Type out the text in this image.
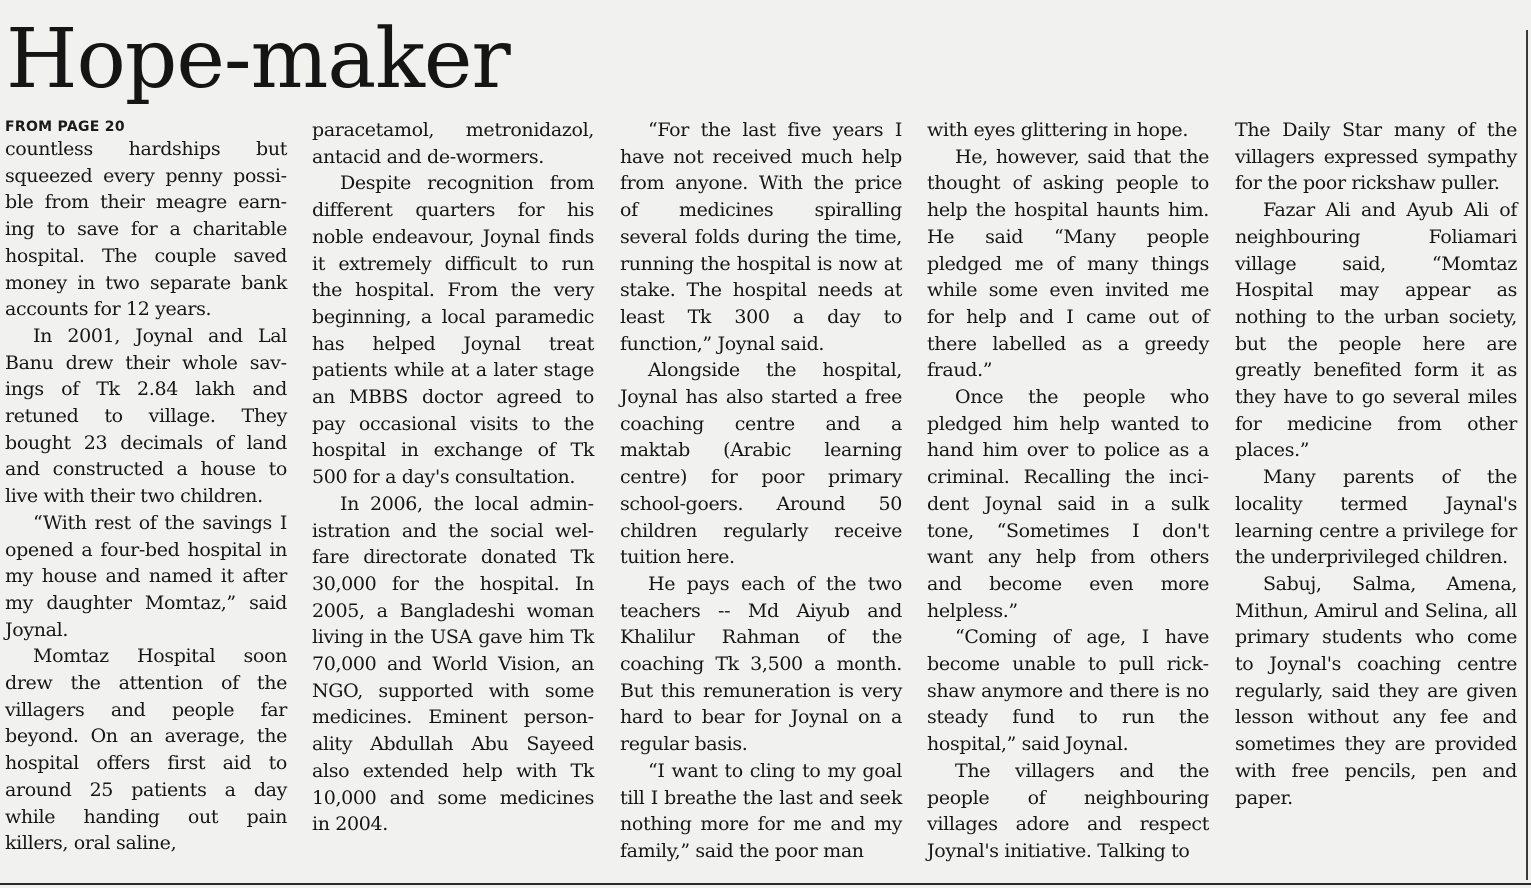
Hope-maker
FROM PAGE 20

countless hardships but squeezed every penny possible from their meagre earning to save for a charitable hospital. The couple saved money in two separate bank accounts for 12 years.

In 2001, Joynal and Lal Banu drew their whole savings of Tk 2.84 lakh and retuned to village. They bought 23 decimals of land and constructed a house to live with their two children.

“With rest of the savings I opened a four-bed hospital in my house and named it after my daughter Momtaz,” said Joynal.

Momtaz Hospital soon drew the attention of the villagers and people far beyond. On an average, the hospital offers first aid to around 25 patients a day while handing out pain killers, oral saline,

paracetamol, metronidazol, antacid and de-wormers.

Despite recognition from different quarters for his noble endeavour, Joynal finds it extremely difficult to run the hospital. From the very beginning, a local paramedic has helped Joynal treat patients while at a later stage an MBBS doctor agreed to pay occasional visits to the hospital in exchange of Tk 500 for a day's consultation.

In 2006, the local administration and the social welfare directorate donated Tk 30,000 for the hospital. In 2005, a Bangladeshi woman living in the USA gave him Tk 70,000 and World Vision, an NGO, supported with some medicines. Eminent personality Abdullah Abu Sayeed also extended help with Tk 10,000 and some medicines in 2004.

“For the last five years I have not received much help from anyone. With the price of medicines spiralling several folds during the time, running the hospital is now at stake. The hospital needs at least Tk 300 a day to function,” Joynal said.

Alongside the hospital, Joynal has also started a free coaching centre and a maktab (Arabic learning centre) for poor primary school-goers. Around 50 children regularly receive tuition here.

He pays each of the two teachers -- Md Aiyub and Khalilur Rahman of the coaching Tk 3,500 a month. But this remuneration is very hard to bear for Joynal on a regular basis.

“I want to cling to my goal till I breathe the last and seek nothing more for me and my family,” said the poor man

with eyes glittering in hope.

He, however, said that the thought of asking people to help the hospital haunts him. He said “Many people pledged me of many things while some even invited me for help and I came out of there labelled as a greedy fraud.”

Once the people who pledged him help wanted to hand him over to police as a criminal. Recalling the incident Joynal said in a sulk tone, “Sometimes I don't want any help from others and become even more helpless.”

“Coming of age, I have become unable to pull rickshaw anymore and there is no steady fund to run the hospital,” said Joynal.

The villagers and the people of neighbouring villages adore and respect Joynal's initiative. Talking to

The Daily Star many of the villagers expressed sympathy for the poor rickshaw puller.

Fazar Ali and Ayub Ali of neighbouring Foliamari village said, “Momtaz Hospital may appear as nothing to the urban society, but the people here are greatly benefited form it as they have to go several miles for medicine from other places.”

Many parents of the locality termed Jaynal's learning centre a privilege for the underprivileged children.

Sabuj, Salma, Amena, Mithun, Amirul and Selina, all primary students who come to Joynal's coaching centre regularly, said they are given lesson without any fee and sometimes they are provided with free pencils, pen and paper.
